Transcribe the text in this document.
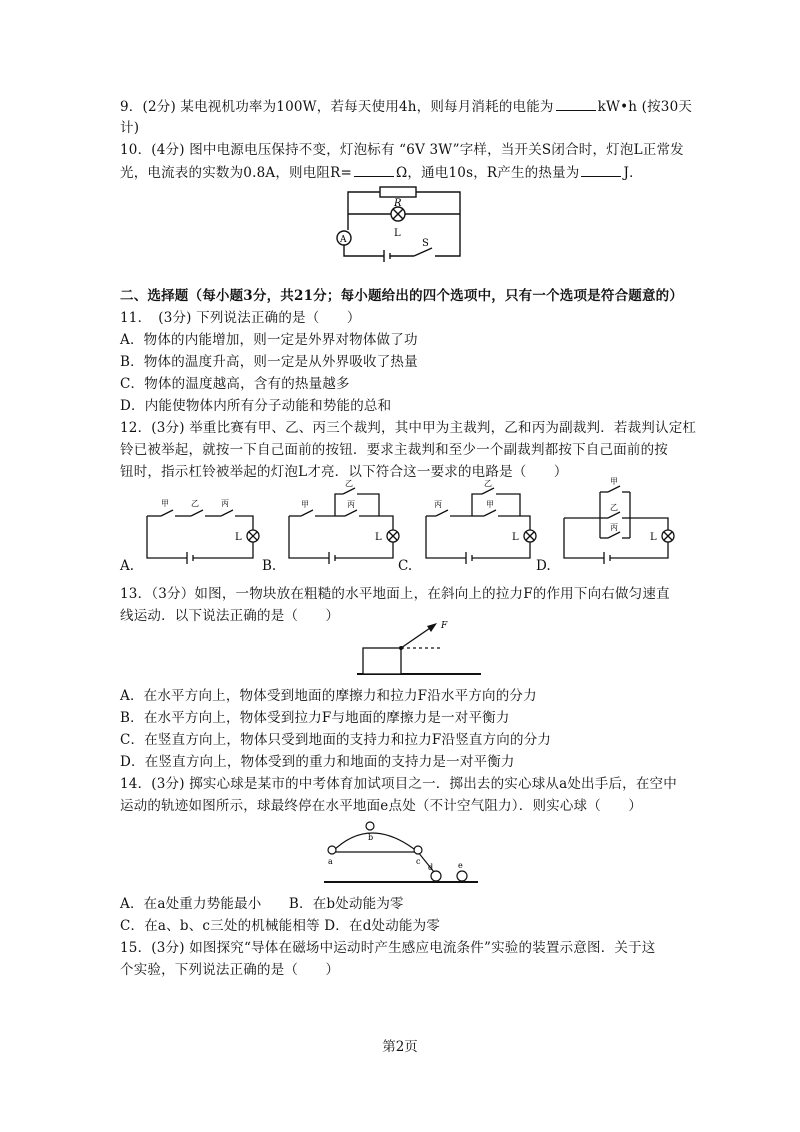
9．(2分) 某电视机功率为100W，若每天使用4h，则每月消耗的电能为	kW•h (按30天
计)
10．(4分) 图中电源电压保持不变，灯泡标有 “6V 3W”字样，当开关S闭合时，灯泡L正常发
光，电流表的实数为0.8A，则电阻R=	Ω，通电10s，R产生的热量为	J．
R
L
S
A
二、选择题（每小题3分，共21分；每小题给出的四个选项中，只有一个选项是符合题意的）
11．　(3分) 下列说法正确的是（　　）
A．物体的内能增加，则一定是外界对物体做了功
B．物体的温度升高，则一定是从外界吸收了热量
C．物体的温度越高，含有的热量越多
D．内能使物体内所有分子动能和势能的总和
12．(3分) 举重比赛有甲、乙、丙三个裁判，其中甲为主裁判，乙和丙为副裁判．若裁判认定杠
铃已被举起，就按一下自己面前的按钮．要求主裁判和至少一个副裁判都按下自己面前的按
钮时，指示杠铃被举起的灯泡L才亮．以下符合这一要求的电路是（　　）
甲	乙	丙
L
A.
甲
乙
丙
L
B.
丙
乙
甲
L
C.
甲
乙
丙
L
D.
13．（3分）如图，一物块放在粗糙的水平地面上，在斜向上的拉力F的作用下向右做匀速直
线运动．以下说法正确的是（　　）
F
A．在水平方向上，物体受到地面的摩擦力和拉力F沿水平方向的分力
B．在水平方向上，物体受到拉力F与地面的摩擦力是一对平衡力
C．在竖直方向上，物体只受到地面的支持力和拉力F沿竖直方向的分力
D．在竖直方向上，物体受到的重力和地面的支持力是一对平衡力
14．(3分) 掷实心球是某市的中考体育加试项目之一．掷出去的实心球从a处出手后，在空中
运动的轨迹如图所示，球最终停在水平地面e点处（不计空气阻力）．则实心球（　　）
a
b
c
d	e
A．在a处重力势能最小　　B．在b处动能为零
C．在a、b、c三处的机械能相等 D．在d处动能为零
15．(3分) 如图探究“导体在磁场中运动时产生感应电流条件”实验的装置示意图．关于这
个实验，下列说法正确的是（　　）
第2页
